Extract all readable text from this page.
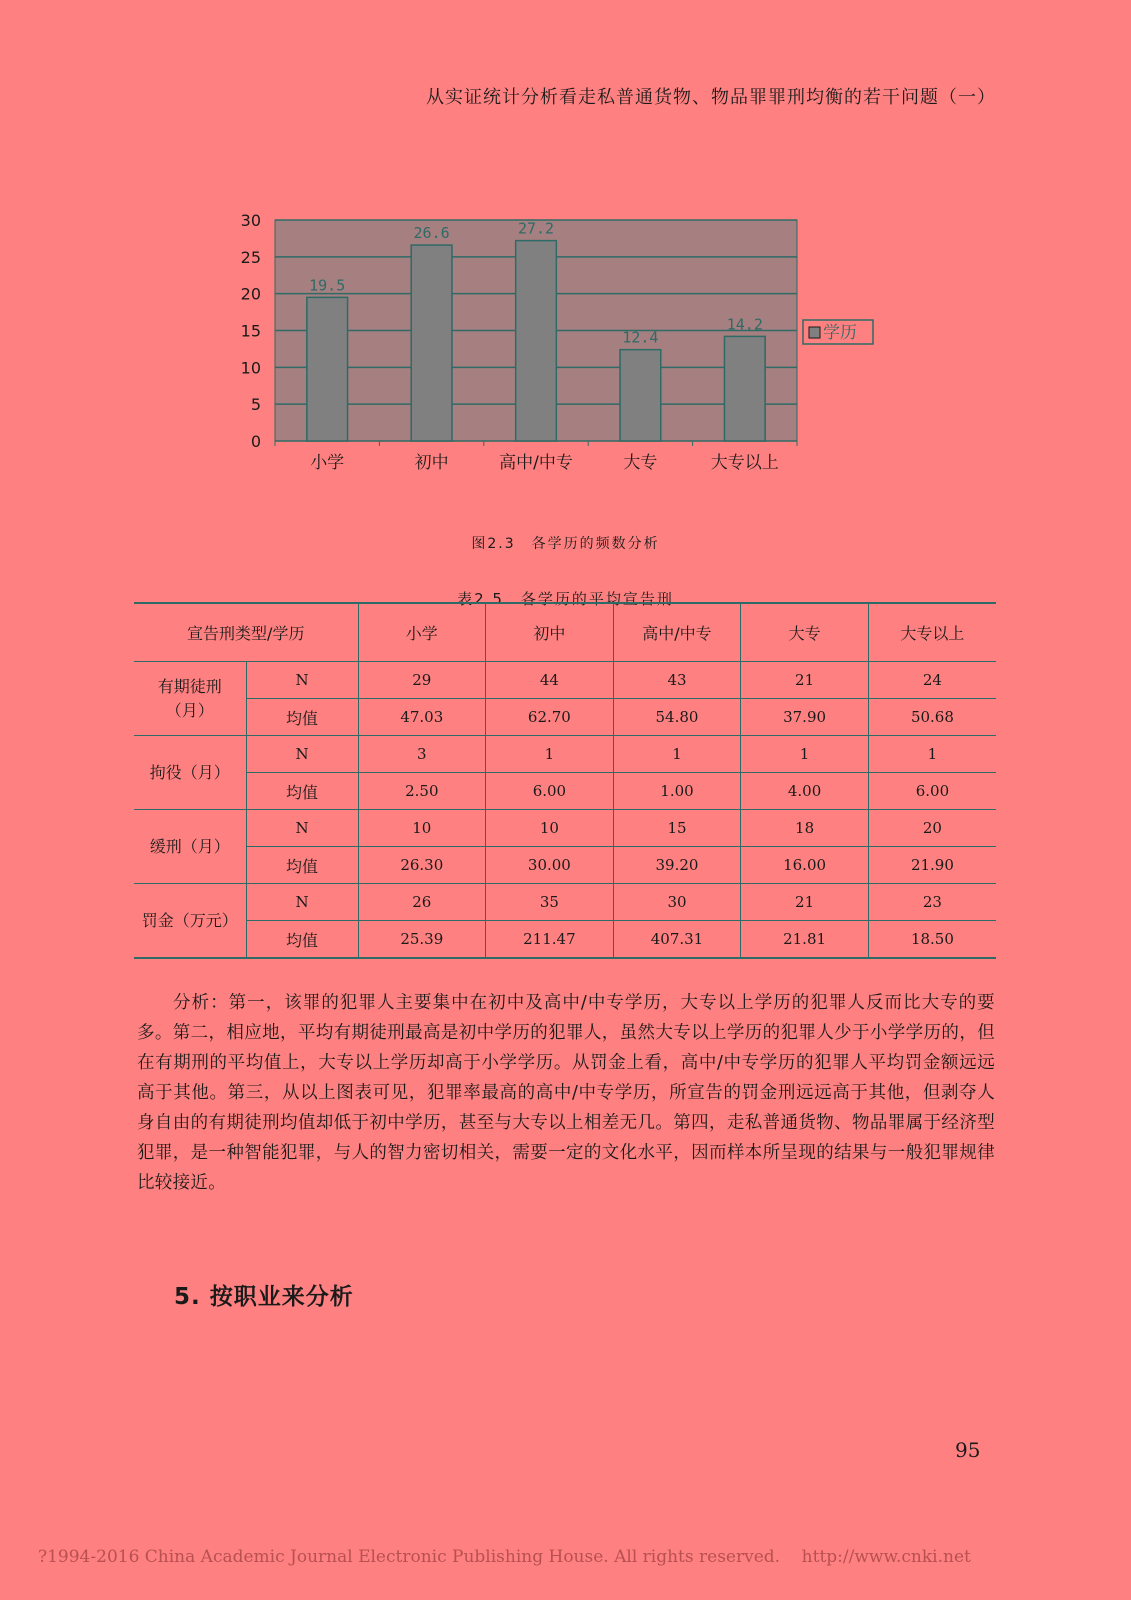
从实证统计分析看走私普通货物、物品罪罪刑均衡的若干问题（一）
0
5
10
15
20
25
30
19.5
小学
26.6
初中
27.2
高中/中专
12.4
大专
14.2
大专以上
学历

图2.3　各学历的频数分析

表2.5　各学历的平均宣告刑

宣告刑类型/学历		小学	初中	高中/中专	大专	大专以上

有期徒刑
（月）	N	29	44	43	21	24
	均值	47.03	62.70	54.80	37.90	50.68

拘役（月）	N	3	1	1	1	1
	均值	2.50	6.00	1.00	4.00	6.00

缓刑（月）	N	10	10	15	18	20
	均值	26.30	30.00	39.20	16.00	21.90

罚金（万元）	N	26	35	30	21	23
	均值	25.39	211.47	407.31	21.81	18.50

分析：第一，该罪的犯罪人主要集中在初中及高中/中专学历，大专以上学历的犯罪人反而比大专的要多。第二，相应地，平均有期徒刑最高是初中学历的犯罪人，虽然大专以上学历的犯罪人少于小学学历的，但在有期刑的平均值上，大专以上学历却高于小学学历。从罚金上看，高中/中专学历的犯罪人平均罚金额远远高于其他。第三，从以上图表可见，犯罪率最高的高中/中专学历，所宣告的罚金刑远远高于其他，但剥夺人身自由的有期徒刑均值却低于初中学历，甚至与大专以上相差无几。第四，走私普通货物、物品罪属于经济型犯罪，是一种智能犯罪，与人的智力密切相关，需要一定的文化水平，因而样本所呈现的结果与一般犯罪规律比较接近。

5. 按职业来分析

95

?1994-2016 China Academic Journal Electronic Publishing House. All rights reserved.    http://www.cnki.net
